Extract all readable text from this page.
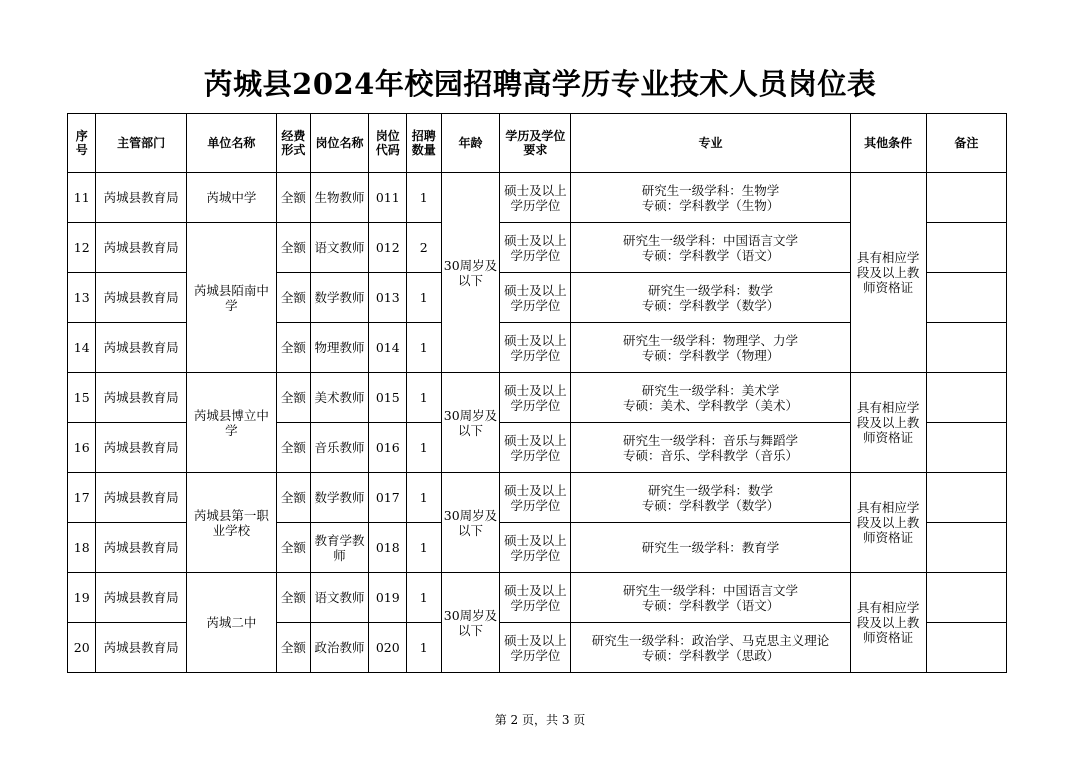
芮城县2024年校园招聘高学历专业技术人员岗位表
序号	主管部门	单位名称	经费形式	岗位名称	岗位代码	招聘数量	年龄	学历及学位要求	专业	其他条件	备注
11	芮城县教育局	芮城中学	全额	生物教师	011	1	30周岁及以下	硕士及以上学历学位	研究生一级学科：生物学
专硕：学科教学（生物）	具有相应学段及以上教师资格证	
12	芮城县教育局	芮城县陌南中学	全额	语文教师	012	2		硕士及以上学历学位	研究生一级学科：中国语言文学
专硕：学科教学（语文）		

13	芮城县教育局		全额	数学教师	013	1		硕士及以上学历学位	研究生一级学科：数学
专硕：学科教学（数学）		

14	芮城县教育局		全额	物理教师	014	1		硕士及以上学历学位	研究生一级学科：物理学、力学
专硕：学科教学（物理）		

15	芮城县教育局	芮城县博立中学	全额	美术教师	015	1	30周岁及以下	硕士及以上学历学位	研究生一级学科：美术学
专硕：美术、学科教学（美术）	具有相应学段及以上教师资格证	
16	芮城县教育局		全额	音乐教师	016	1		硕士及以上学历学位	研究生一级学科：音乐与舞蹈学
专硕：音乐、学科教学（音乐）		

17	芮城县教育局	芮城县第一职业学校	全额	数学教师	017	1	30周岁及以下	硕士及以上学历学位	研究生一级学科：数学
专硕：学科教学（数学）	具有相应学段及以上教师资格证	
18	芮城县教育局		全额	教育学教师	018	1		硕士及以上学历学位	研究生一级学科：教育学		

19	芮城县教育局	芮城二中	全额	语文教师	019	1	30周岁及以下	硕士及以上学历学位	研究生一级学科：中国语言文学
专硕：学科教学（语文）	具有相应学段及以上教师资格证	
20	芮城县教育局		全额	政治教师	020	1		硕士及以上学历学位	研究生一级学科：政治学、马克思主义理论
专硕：学科教学（思政）		

第 2 页，共 3 页
